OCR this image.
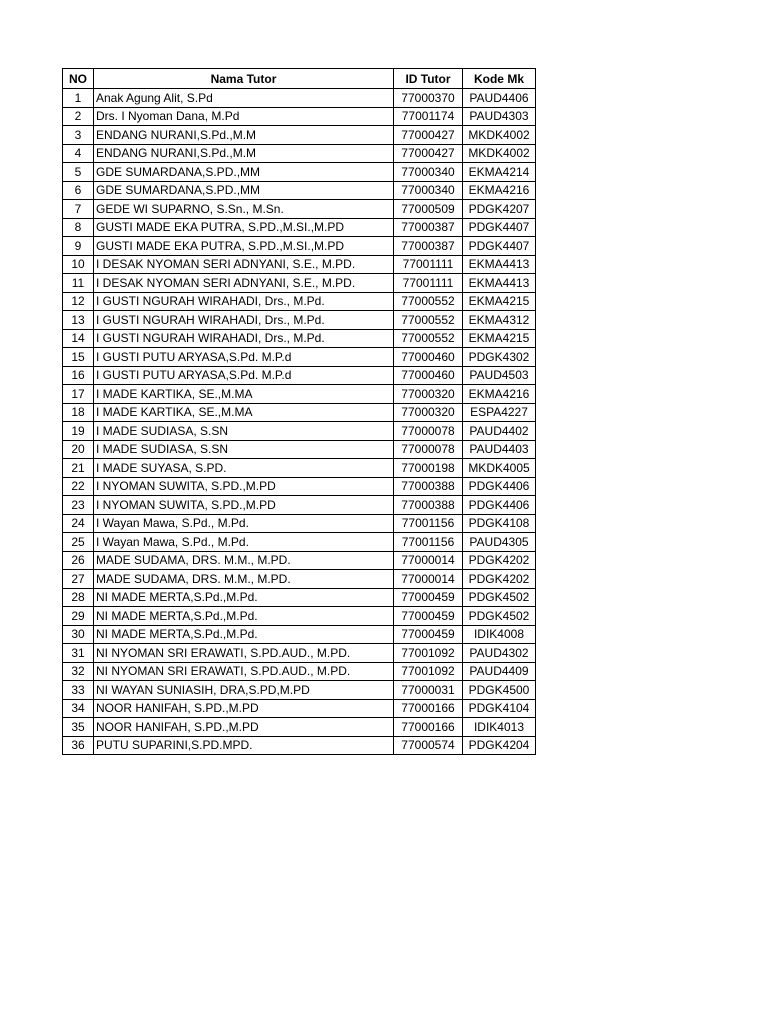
NO	Nama Tutor	ID Tutor	Kode Mk
1	Anak Agung Alit, S.Pd	77000370	PAUD4406
2	Drs. I Nyoman Dana, M.Pd	77001174	PAUD4303
3	ENDANG NURANI,S.Pd.,M.M	77000427	MKDK4002
4	ENDANG NURANI,S.Pd.,M.M	77000427	MKDK4002
5	GDE SUMARDANA,S.PD.,MM	77000340	EKMA4214
6	GDE SUMARDANA,S.PD.,MM	77000340	EKMA4216
7	GEDE WI SUPARNO, S.Sn., M.Sn.	77000509	PDGK4207
8	GUSTI MADE EKA PUTRA, S.PD.,M.SI.,M.PD	77000387	PDGK4407
9	GUSTI MADE EKA PUTRA, S.PD.,M.SI.,M.PD	77000387	PDGK4407
10	I DESAK NYOMAN SERI ADNYANI, S.E., M.PD.	77001111	EKMA4413
11	I DESAK NYOMAN SERI ADNYANI, S.E., M.PD.	77001111	EKMA4413
12	I GUSTI NGURAH WIRAHADI, Drs., M.Pd.	77000552	EKMA4215
13	I GUSTI NGURAH WIRAHADI, Drs., M.Pd.	77000552	EKMA4312
14	I GUSTI NGURAH WIRAHADI, Drs., M.Pd.	77000552	EKMA4215
15	I GUSTI PUTU ARYASA,S.Pd. M.P.d	77000460	PDGK4302
16	I GUSTI PUTU ARYASA,S.Pd. M.P.d	77000460	PAUD4503
17	I MADE KARTIKA, SE.,M.MA	77000320	EKMA4216
18	I MADE KARTIKA, SE.,M.MA	77000320	ESPA4227
19	I MADE SUDIASA, S.SN	77000078	PAUD4402
20	I MADE SUDIASA, S.SN	77000078	PAUD4403
21	I MADE SUYASA, S.PD.	77000198	MKDK4005
22	I NYOMAN SUWITA, S.PD.,M.PD	77000388	PDGK4406
23	I NYOMAN SUWITA, S.PD.,M.PD	77000388	PDGK4406
24	I Wayan Mawa, S.Pd., M.Pd.	77001156	PDGK4108
25	I Wayan Mawa, S.Pd., M.Pd.	77001156	PAUD4305
26	MADE SUDAMA, DRS. M.M., M.PD.	77000014	PDGK4202
27	MADE SUDAMA, DRS. M.M., M.PD.	77000014	PDGK4202
28	NI MADE MERTA,S.Pd.,M.Pd.	77000459	PDGK4502
29	NI MADE MERTA,S.Pd.,M.Pd.	77000459	PDGK4502
30	NI MADE MERTA,S.Pd.,M.Pd.	77000459	IDIK4008
31	NI NYOMAN SRI ERAWATI, S.PD.AUD., M.PD.	77001092	PAUD4302
32	NI NYOMAN SRI ERAWATI, S.PD.AUD., M.PD.	77001092	PAUD4409
33	NI WAYAN SUNIASIH, DRA,S.PD,M.PD	77000031	PDGK4500
34	NOOR HANIFAH, S.PD.,M.PD	77000166	PDGK4104
35	NOOR HANIFAH, S.PD.,M.PD	77000166	IDIK4013
36	PUTU SUPARINI,S.PD.MPD.	77000574	PDGK4204
